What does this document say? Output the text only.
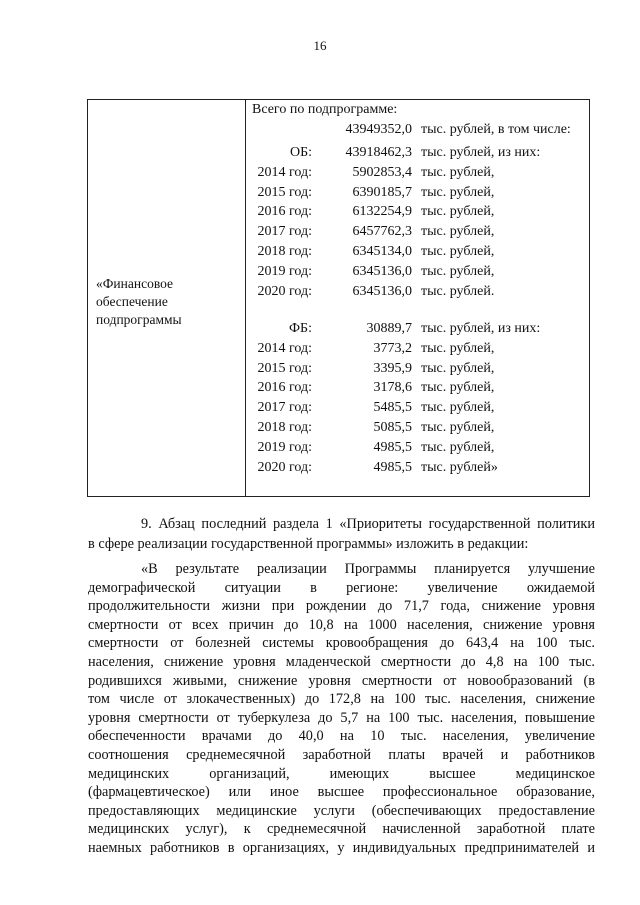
16
«Финансовое
обеспечение
подпрограммы
Всего по подпрограмме:
43949352,0 тыс. рублей, в том числе:
ОБ:	43918462,3 тыс. рублей, из них:
2014 год:	5902853,4 тыс. рублей,
2015 год:	6390185,7 тыс. рублей,
2016 год:	6132254,9 тыс. рублей,
2017 год:	6457762,3 тыс. рублей,
2018 год:	6345134,0 тыс. рублей,
2019 год:	6345136,0 тыс. рублей,
2020 год:	6345136,0 тыс. рублей.
ФБ:	30889,7 тыс. рублей, из них:
2014 год:	3773,2 тыс. рублей,
2015 год:	3395,9 тыс. рублей,
2016 год:	3178,6 тыс. рублей,
2017 год:	5485,5 тыс. рублей,
2018 год:	5085,5 тыс. рублей,
2019 год:	4985,5 тыс. рублей,
2020 год:	4985,5 тыс. рублей»
9. Абзац последний раздела 1 «Приоритеты государственной политики
в сфере реализации государственной программы» изложить в редакции:
«В результате реализации Программы планируется улучшение
демографической ситуации в регионе: увеличение ожидаемой
продолжительности жизни при рождении до 71,7 года, снижение уровня
смертности от всех причин до 10,8 на 1000 населения, снижение уровня
смертности от болезней системы кровообращения до 643,4 на 100 тыс.
населения, снижение уровня младенческой смертности до 4,8 на 100 тыс.
родившихся живыми, снижение уровня смертности от новообразований (в
том числе от злокачественных) до 172,8 на 100 тыс. населения, снижение
уровня смертности от туберкулеза до 5,7 на 100 тыс. населения, повышение
обеспеченности врачами до 40,0 на 10 тыс. населения, увеличение
соотношения среднемесячной заработной платы врачей и работников
медицинских организаций, имеющих высшее медицинское
(фармацевтическое) или иное высшее профессиональное образование,
предоставляющих медицинские услуги (обеспечивающих предоставление
медицинских услуг), к среднемесячной начисленной заработной плате
наемных работников в организациях, у индивидуальных предпринимателей и
